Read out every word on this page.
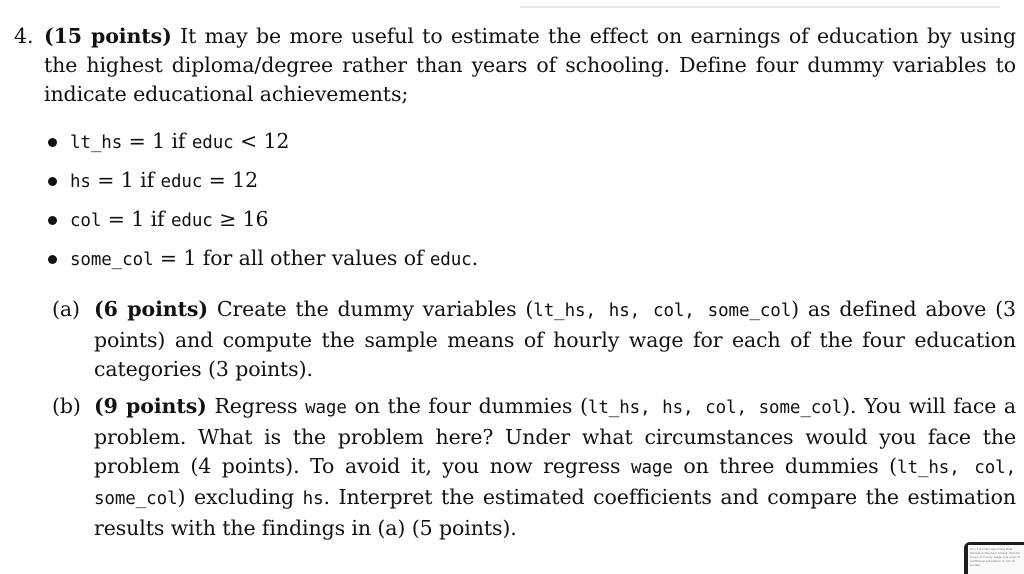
4. (15 points) It may be more useful to estimate the effect on earnings of education by using the highest diploma/degree rather than years of schooling. Define four dummy variables to indicate educational achievements;
lt_hs = 1 if educ < 12
hs = 1 if educ = 12
col = 1 if educ ≥ 16
some_col = 1 for all other values of educ.
(a) (6 points) Create the dummy variables (lt_hs, hs, col, some_col) as defined above (3 points) and compute the sample means of hourly wage for each of the four education categories (3 points).
(b) (9 points) Regress wage on the four dummies (lt_hs, hs, col, some_col). You will face a problem. What is the problem here? Under what circumstances would you face the problem (4 points). To avoid it, you now regress wage on three dummies (lt_hs, col, some_col) excluding hs. Interpret the estimated coefficients and compare the estimation results with the findings in (a) (5 points).
(b) (7 points) Assuming that female is the benchmark, female mean of hourly wage one year of additional education or not (3 points)
